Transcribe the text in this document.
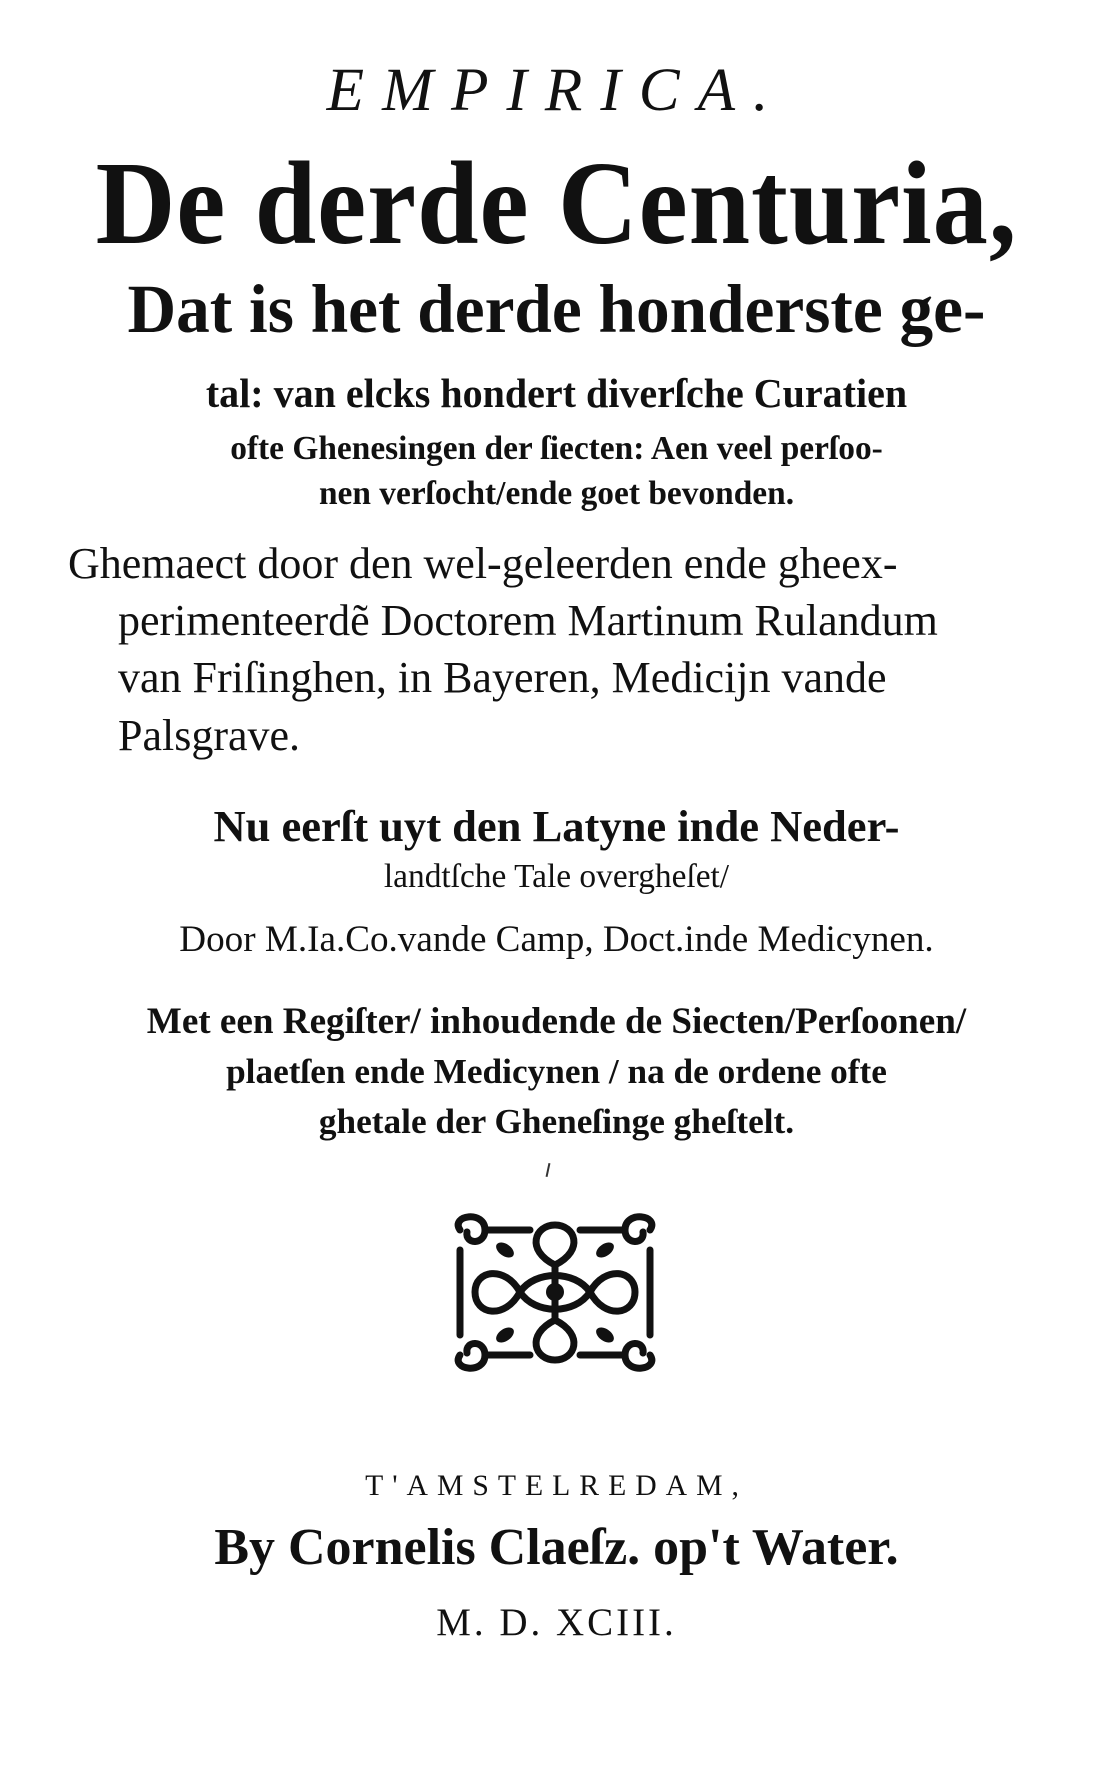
EMPIRICA.
De derde Centuria,
Dat is het derde honderste ge-
tal: van elcks hondert diverſche Curatien
ofte Ghenesingen der ſiecten: Aen veel perſoo-
nen verſocht/ende goet bevonden.
Ghemaect door den wel-geleerden ende gheex-
perimenteerdẽ Doctorem Martinum Rulandum
van Friſinghen, in Bayeren, Medicijn vande
Palsgrave.
Nu eerſt uyt den Latyne inde Neder-
landtſche Tale overgheſet/
Door M.Ia.Co.vande Camp, Doct.inde Medicynen.
Met een Regiſter/ inhoudende de Siecten/Perſoonen/
plaetſen ende Medicynen / na de ordene ofte
ghetale der Gheneſinge gheſtelt.
T'AMSTELREDAM,
By Cornelis Claeſz. op't Water.
M. D. XCIII.
